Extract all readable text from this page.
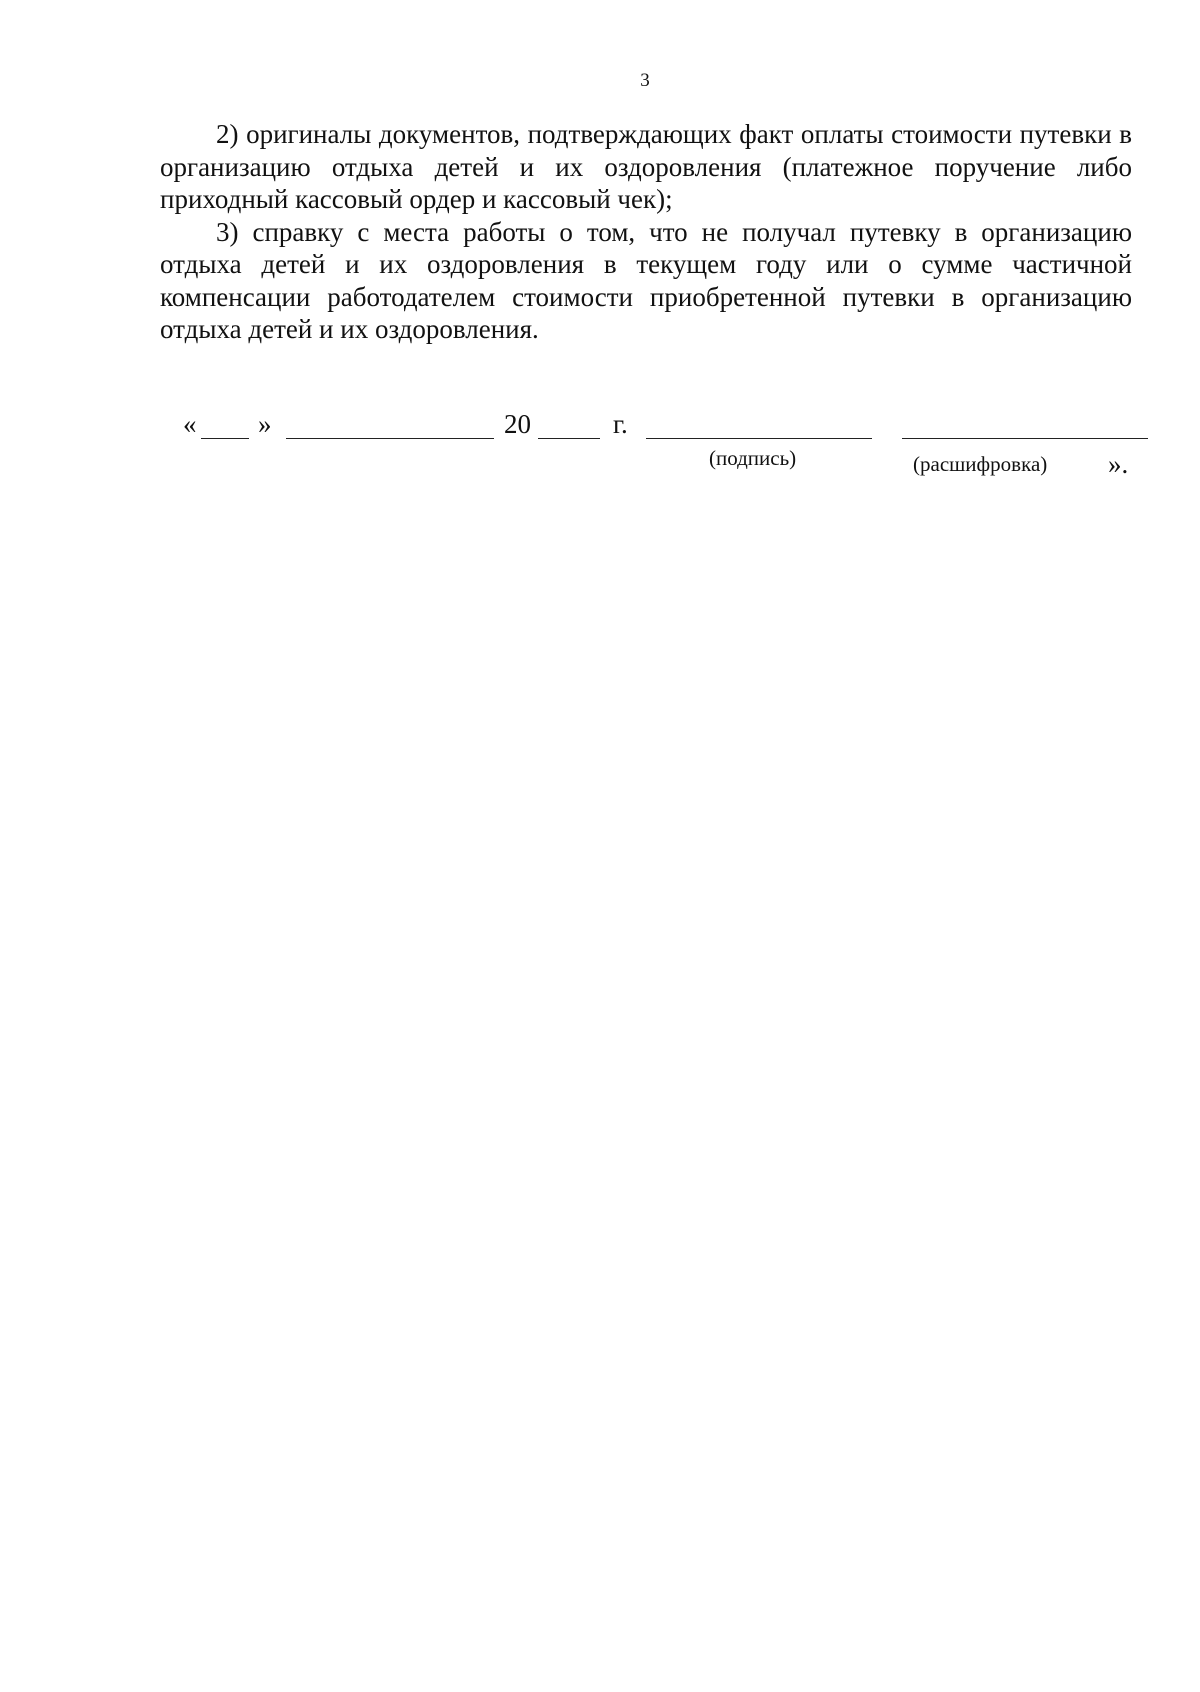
3

2) оригиналы документов, подтверждающих факт оплаты стоимости путевки в организацию отдыха детей и их оздоровления (платежное поручение либо приходный кассовый ордер и кассовый чек);

3) справку с места работы о том, что не получал путевку в организацию отдыха детей и их оздоровления в текущем году или о сумме частичной компенсации работодателем стоимости приобретенной путевки в организацию отдыха детей и их оздоровления.

« »	20	г.
(подпись)	(расшифровка) ».
